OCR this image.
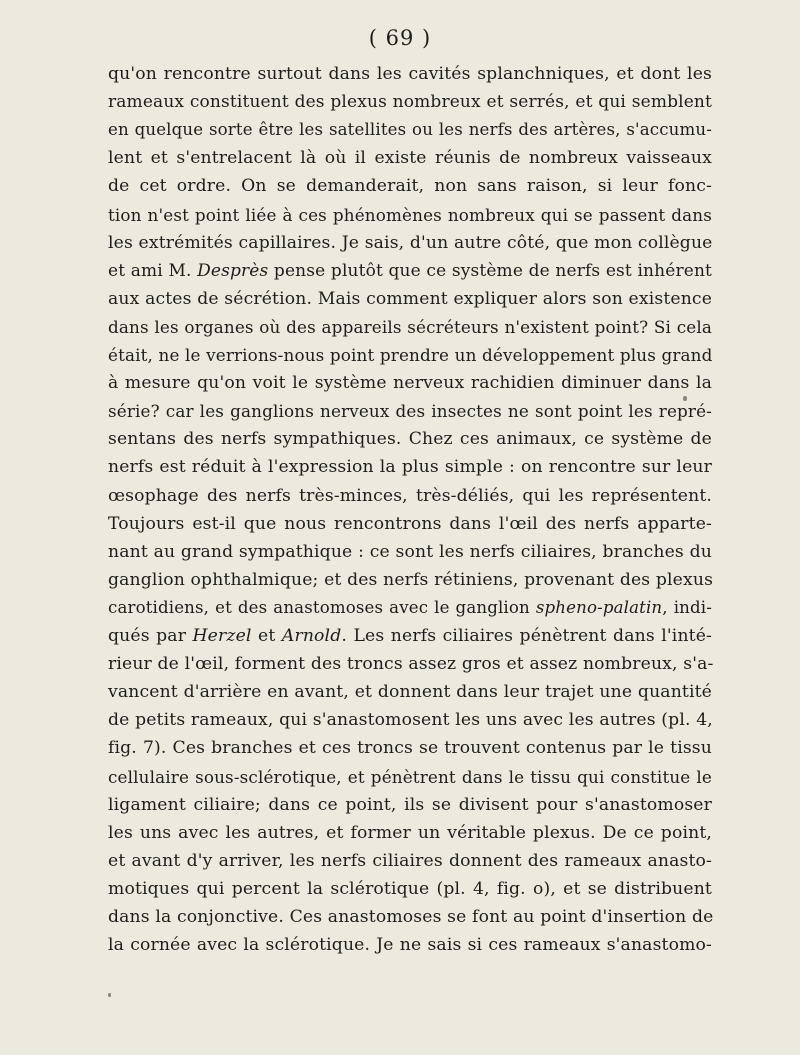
( 69 )
qu'on rencontre surtout dans les cavités splanchniques, et dont les
rameaux constituent des plexus nombreux et serrés, et qui semblent
en quelque sorte être les satellites ou les nerfs des artères, s'accumu-
lent et s'entrelacent là où il existe réunis de nombreux vaisseaux
de cet ordre. On se demanderait, non sans raison, si leur fonc-
tion n'est point liée à ces phénomènes nombreux qui se passent dans
les extrémités capillaires. Je sais, d'un autre côté, que mon collègue
et ami M. Desprès pense plutôt que ce système de nerfs est inhérent
aux actes de sécrétion. Mais comment expliquer alors son existence
dans les organes où des appareils sécréteurs n'existent point? Si cela
était, ne le verrions-nous point prendre un développement plus grand
à mesure qu'on voit le système nerveux rachidien diminuer dans la
série? car les ganglions nerveux des insectes ne sont point les repré-
sentans des nerfs sympathiques. Chez ces animaux, ce système de
nerfs est réduit à l'expression la plus simple : on rencontre sur leur
œsophage des nerfs très-minces, très-déliés, qui les représentent.
Toujours est-il que nous rencontrons dans l'œil des nerfs apparte-
nant au grand sympathique : ce sont les nerfs ciliaires, branches du
ganglion ophthalmique; et des nerfs rétiniens, provenant des plexus
carotidiens, et des anastomoses avec le ganglion spheno-palatin, indi-
qués par Herzel et Arnold. Les nerfs ciliaires pénètrent dans l'inté-
rieur de l'œil, forment des troncs assez gros et assez nombreux, s'a-
vancent d'arrière en avant, et donnent dans leur trajet une quantité
de petits rameaux, qui s'anastomosent les uns avec les autres (pl. 4,
fig. 7). Ces branches et ces troncs se trouvent contenus par le tissu
cellulaire sous-sclérotique, et pénètrent dans le tissu qui constitue le
ligament ciliaire; dans ce point, ils se divisent pour s'anastomoser
les uns avec les autres, et former un véritable plexus. De ce point,
et avant d'y arriver, les nerfs ciliaires donnent des rameaux anasto-
motiques qui percent la sclérotique (pl. 4, fig. o), et se distribuent
dans la conjonctive. Ces anastomoses se font au point d'insertion de
la cornée avec la sclérotique. Je ne sais si ces rameaux s'anastomo-
